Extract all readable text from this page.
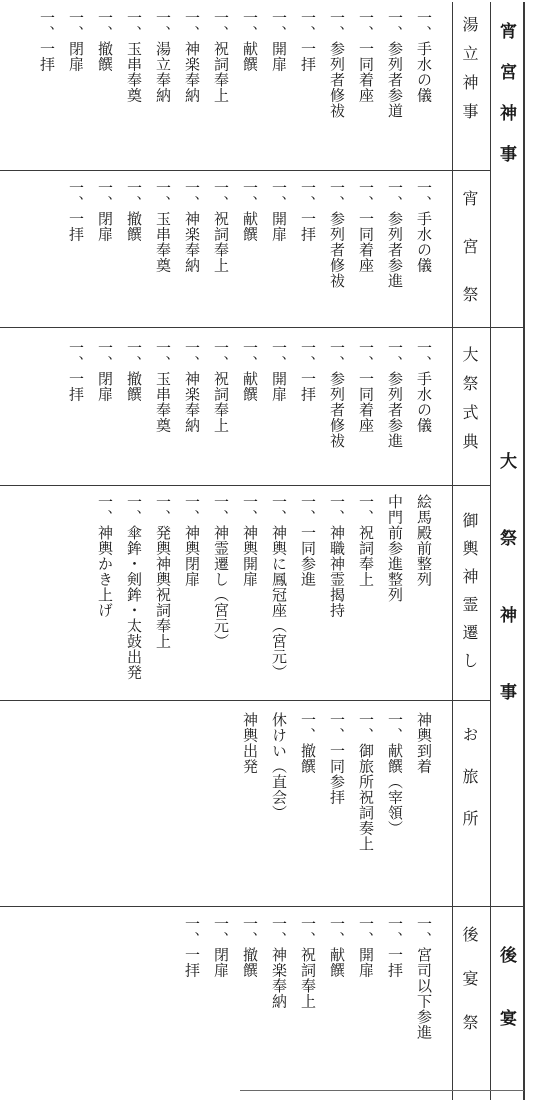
宵宮神事
大祭神事
後宴
湯立神事
宵宮祭
大祭式典
御輿神霊遷し
お旅所
後宴祭
一、手水の儀
一、参列者参道
一、一同着座
一、参列者修祓
一、一拝
一、開扉
一、献饌
一、祝詞奉上
一、神楽奉納
一、湯立奉納
一、玉串奉奠
一、撤饌
一、閉扉
一、一拝
一、手水の儀
一、参列者参進
一、一同着座
一、参列者修祓
一、一拝
一、開扉
一、献饌
一、祝詞奉上
一、神楽奉納
一、玉串奉奠
一、撤饌
一、閉扉
一、一拝
一、手水の儀
一、参列者参進
一、一同着座
一、参列者修祓
一、一拝
一、開扉
一、献饌
一、祝詞奉上
一、神楽奉納
一、玉串奉奠
一、撤饌
一、閉扉
一、一拝
絵馬殿前整列
中門前参進整列
一、祝詞奉上
一、神職神霊揭持
一、一同参進
一、神輿に鳳冠座（宮元）
一、神輿開扉
一、神霊遷し（宮元）
一、神輿閉扉
一、発輿神輿祝詞奉上
一、傘鉾・剣鉾・太鼓出発
一、神輿かき上げ
神輿到着
一、献饌（宰領）
一、御旅所祝詞奏上
一、一同参拝
一、撤饌
休けい（直会）
神輿出発
一、宮司以下参進
一、一拝
一、開扉
一、献饌
一、祝詞奉上
一、神楽奉納
一、撤饌
一、閉扉
一、一拝
